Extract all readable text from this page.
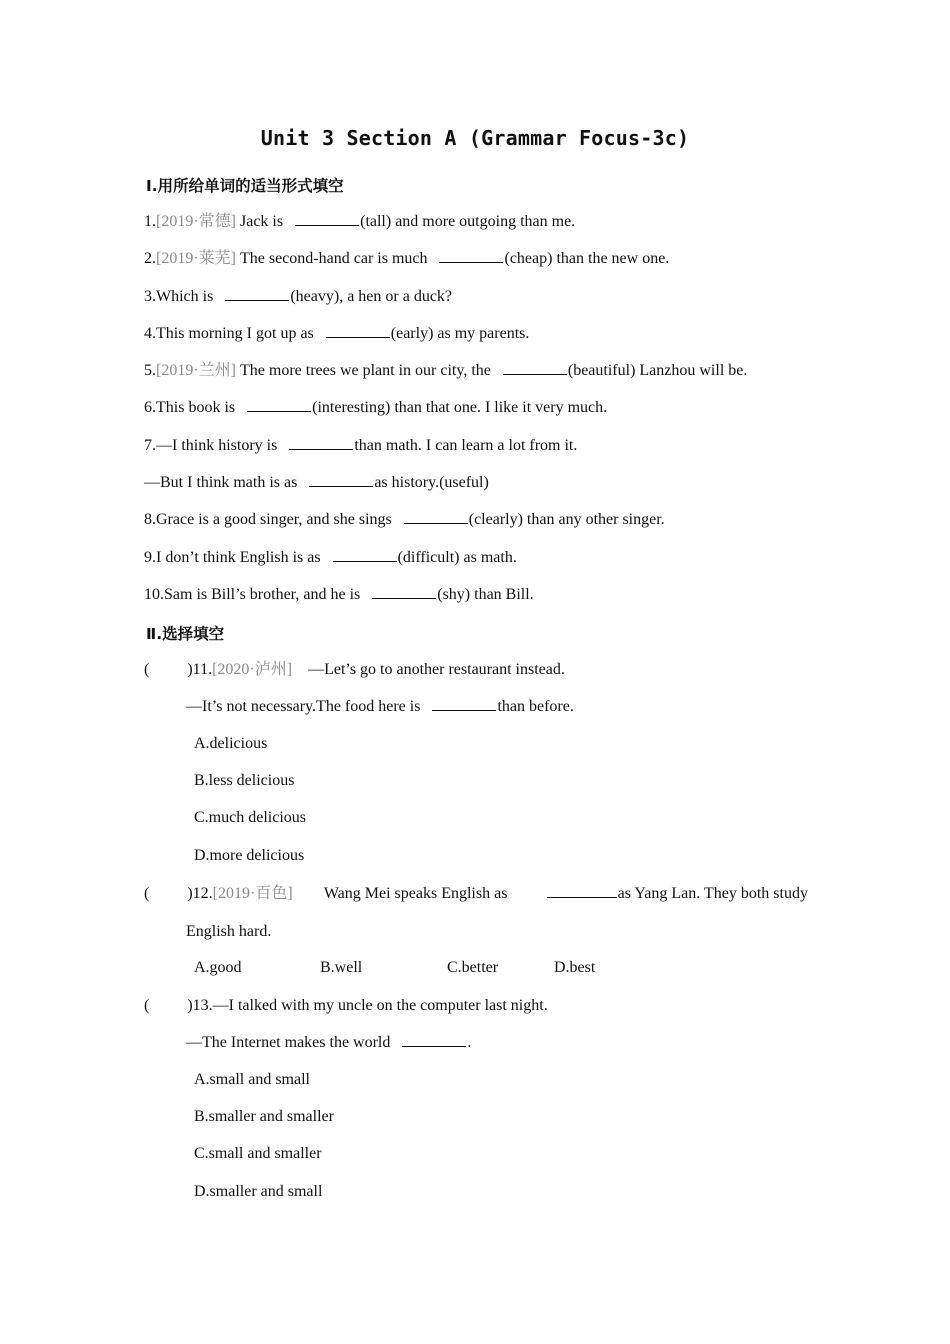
Unit 3 Section A (Grammar Focus-3c)
Ⅰ.用所给单词的适当形式填空
1.[2019·常德] Jack is	(tall) and more outgoing than me.
2.[2019·莱芜] The second-hand car is much	(cheap) than the new one.
3.Which is	(heavy), a hen or a duck?
4.This morning I got up as	(early) as my parents.
5.[2019·兰州] The more trees we plant in our city, the	(beautiful) Lanzhou will be.
6.This book is	(interesting) than that one. I like it very much.
7.—I think history is	than math. I can learn a lot from it.
—But I think math is as	as history.(useful)
8.Grace is a good singer, and she sings	(clearly) than any other singer.
9.I don’t think English is as	(difficult) as math.
10.Sam is Bill’s brother, and he is	(shy) than Bill.
Ⅱ.选择填空
( )11.[2020·泸州] —Let’s go to another restaurant instead.
—It’s not necessary.The food here is	than before.
A.delicious
B.less delicious
C.much delicious
D.more delicious
( )12.[2019·百色] Wang Mei speaks English as	as Yang Lan. They both study
English hard.
A.good	B.well	C.better	D.best
( )13.—I talked with my uncle on the computer last night.
—The Internet makes the world	.
A.small and small
B.smaller and smaller
C.small and smaller
D.smaller and small
